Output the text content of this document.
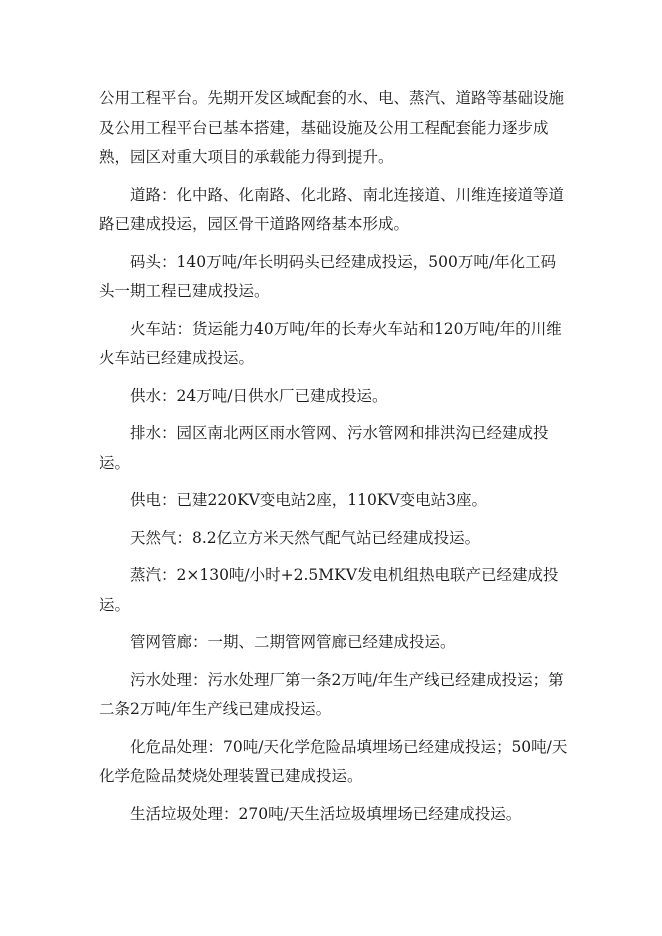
公用工程平台。先期开发区域配套的水、电、蒸汽、道路等基础设施及公用工程平台已基本搭建，基础设施及公用工程配套能力逐步成熟，园区对重大项目的承载能力得到提升。

道路：化中路、化南路、化北路、南北连接道、川维连接道等道路已建成投运，园区骨干道路网络基本形成。

码头：140万吨/年长明码头已经建成投运，500万吨/年化工码头一期工程已建成投运。

火车站：货运能力40万吨/年的长寿火车站和120万吨/年的川维火车站已经建成投运。

供水：24万吨/日供水厂已建成投运。

排水：园区南北两区雨水管网、污水管网和排洪沟已经建成投运。

供电：已建220KV变电站2座，110KV变电站3座。

天然气：8.2亿立方米天然气配气站已经建成投运。

蒸汽：2×130吨/小时+2.5MKV发电机组热电联产已经建成投运。

管网管廊：一期、二期管网管廊已经建成投运。

污水处理：污水处理厂第一条2万吨/年生产线已经建成投运；第二条2万吨/年生产线已建成投运。

化危品处理：70吨/天化学危险品填埋场已经建成投运；50吨/天化学危险品焚烧处理装置已建成投运。

生活垃圾处理：270吨/天生活垃圾填埋场已经建成投运。
